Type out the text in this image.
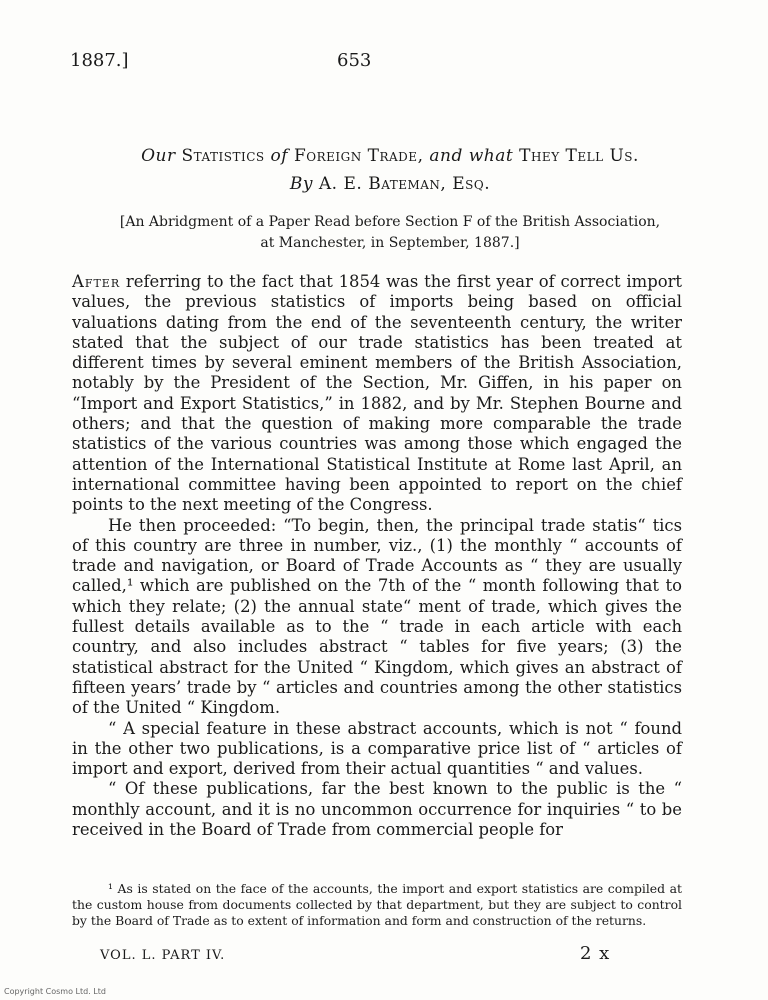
1887.]	653
Our Statistics of Foreign Trade, and what They Tell Us.
By A. E. Bateman, Esq.
[An Abridgment of a Paper Read before Section F of the British Association,
at Manchester, in September, 1887.]

After referring to the fact that 1854 was the first year of correct import values, the previous statistics of imports being based on official valuations dating from the end of the seventeenth century, the writer stated that the subject of our trade statistics has been treated at different times by several eminent members of the British Association, notably by the President of the Section, Mr. Giffen, in his paper on “Import and Export Statistics,” in 1882, and by Mr. Stephen Bourne and others; and that the question of making more comparable the trade statistics of the various countries was among those which engaged the attention of the International Statistical Institute at Rome last April, an international committee having been appointed to report on the chief points to the next meeting of the Congress.

He then proceeded: “To begin, then, the principal trade statis“ tics of this country are three in number, viz., (1) the monthly “ accounts of trade and navigation, or Board of Trade Accounts as “ they are usually called,¹ which are published on the 7th of the “ month following that to which they relate; (2) the annual state“ ment of trade, which gives the fullest details available as to the “ trade in each article with each country, and also includes abstract “ tables for five years; (3) the statistical abstract for the United “ Kingdom, which gives an abstract of fifteen years’ trade by “ articles and countries among the other statistics of the United “ Kingdom.

“ A special feature in these abstract accounts, which is not “ found in the other two publications, is a comparative price list of “ articles of import and export, derived from their actual quantities “ and values.

“ Of these publications, far the best known to the public is the “ monthly account, and it is no uncommon occurrence for inquiries “ to be received in the Board of Trade from commercial people for

¹ As is stated on the face of the accounts, the import and export statistics are compiled at the custom house from documents collected by that department, but they are subject to control by the Board of Trade as to extent of information and form and construction of the returns.
VOL. L. PART IV.	2 x
Copyright Cosmo Ltd. Ltd
